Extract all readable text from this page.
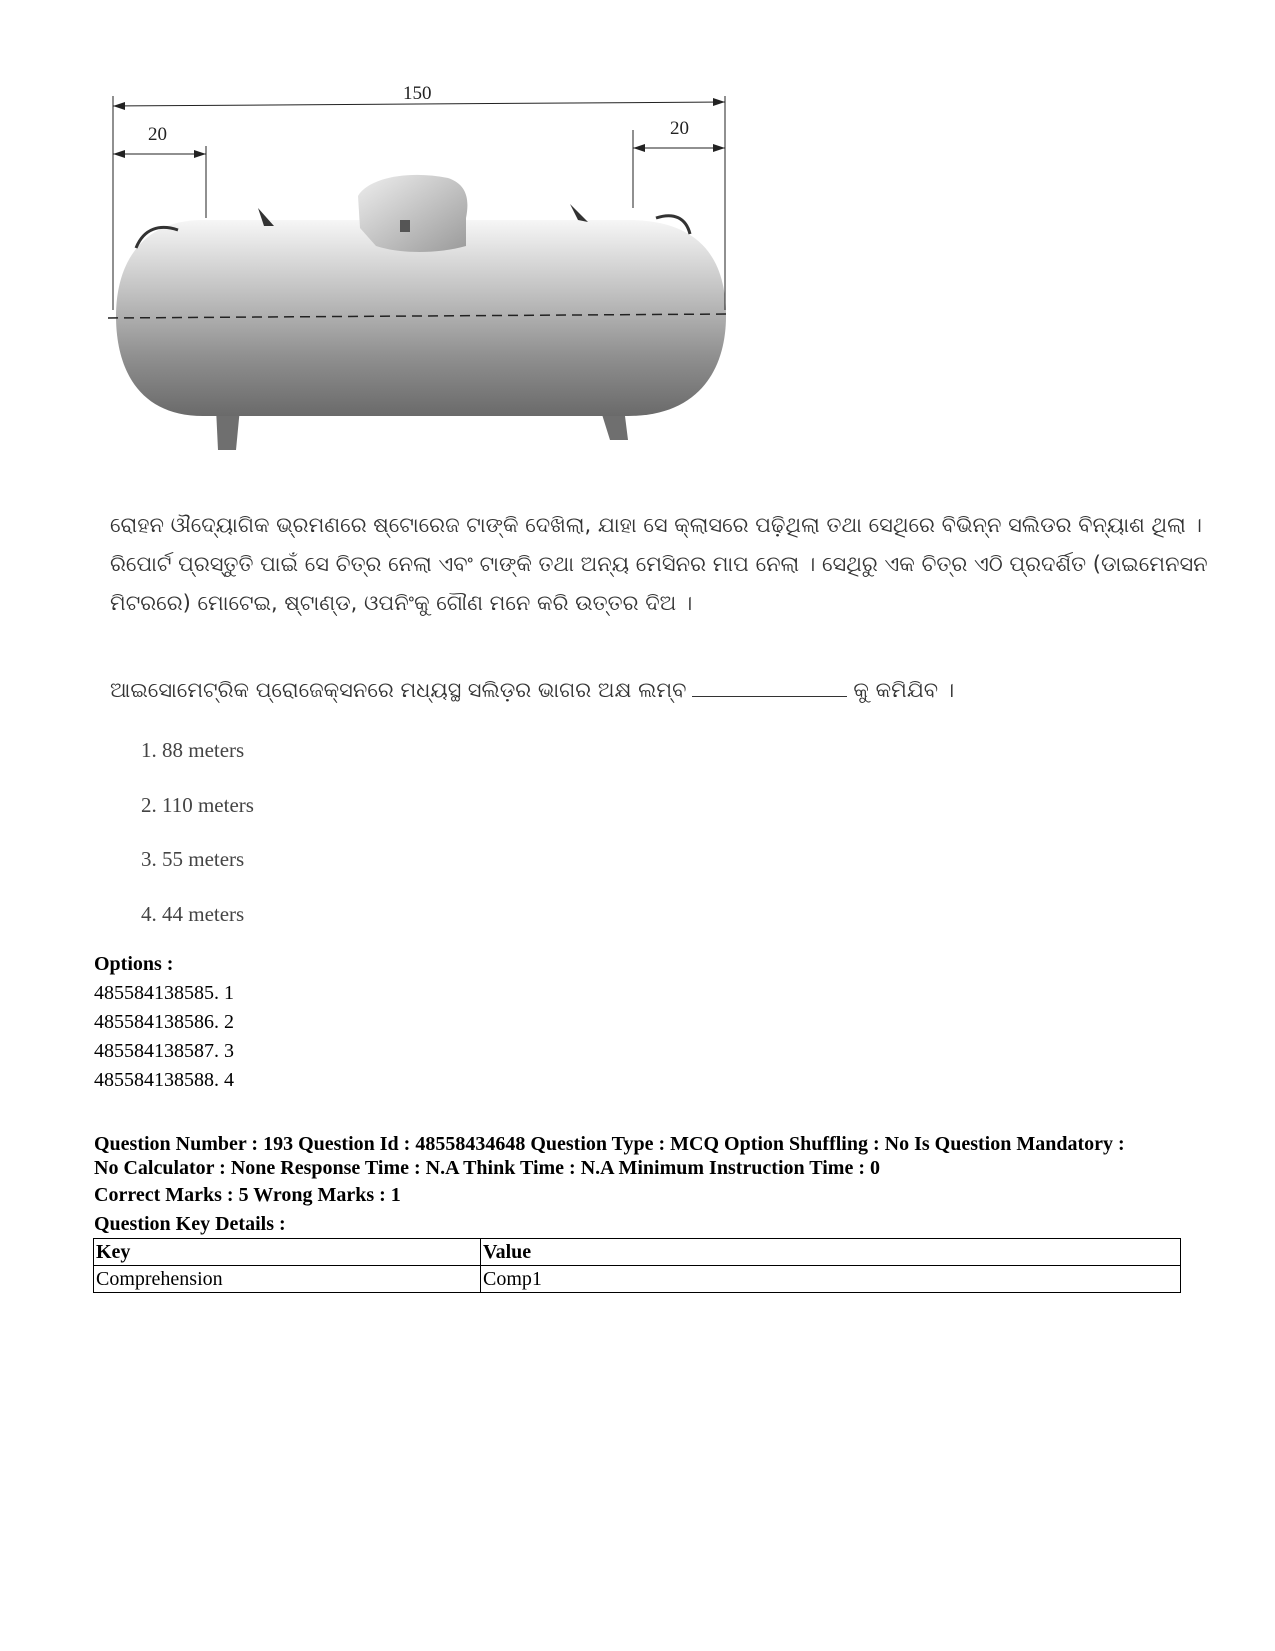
150
20	20
ରୋହନ ଔଦ୍ୟୋଗିକ ଭ୍ରମଣରେ ଷ୍ଟୋରେଜ ଟାଙ୍କି ଦେଖିଲା, ଯାହା ସେ କ୍ଲାସରେ ପଢ଼ିଥିଲା ତଥା ସେଥିରେ ବିଭିନ୍ନ ସଲିଡର ବିନ୍ୟାଶ ଥିଲା ।
ରିପୋର୍ଟ ପ୍ରସ୍ତୁତି ପାଇଁ ସେ ଚିତ୍ର ନେଲା ଏବଂ ଟାଙ୍କି ତଥା ଅନ୍ୟ ମେସିନର ମାପ ନେଲା । ସେଥିରୁ ଏକ ଚିତ୍ର ଏଠି ପ୍ରଦର୍ଶିତ (ଡାଇମେନସନ
ମିଟରରେ) ମୋଟେଇ, ଷ୍ଟାଣ୍ଡ, ଓପନିଂକୁ ଗୌଣ ମନେ କରି ଉତ୍ତର ଦିଅ ।
ଆଇସୋମେଟ୍ରିକ ପ୍ରୋଜେକ୍ସନରେ ମଧ୍ୟସ୍ଥ ସଲିଡ଼ର ଭାଗର ଅକ୍ଷ ଲମ୍ବ	କୁ କମିଯିବ ।
1. 88 meters
2. 110 meters
3. 55 meters
4. 44 meters
Options :
485584138585. 1
485584138586. 2
485584138587. 3
485584138588. 4
Question Number : 193 Question Id : 48558434648 Question Type : MCQ Option Shuffling : No Is Question Mandatory :
No Calculator : None Response Time : N.A Think Time : N.A Minimum Instruction Time : 0
Correct Marks : 5 Wrong Marks : 1
Question Key Details :
Key	Value
Comprehension	Comp1
